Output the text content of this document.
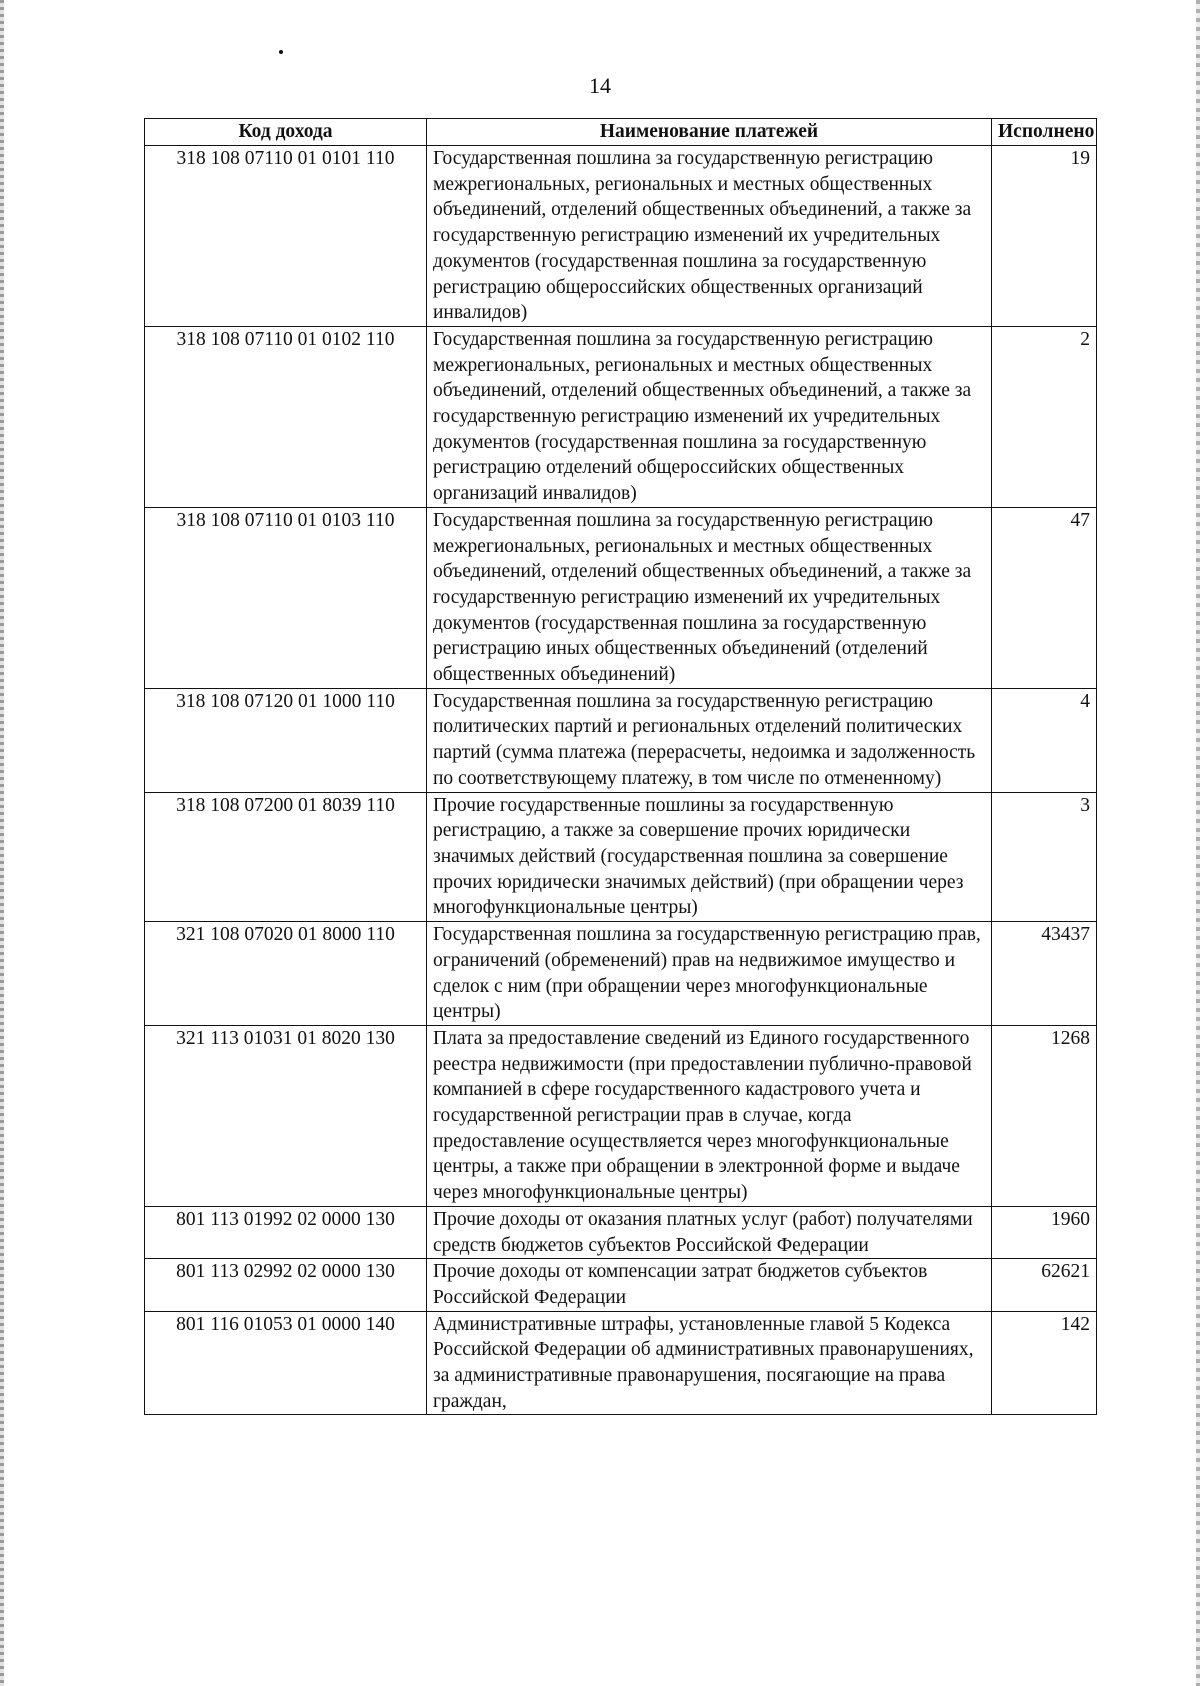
14
Код дохода	Наименование платежей	Исполнено
318 108 07110 01 0101 110	Государственная пошлина за государственную регистрацию межрегиональных, региональных и местных общественных объединений, отделений общественных объединений, а также за государственную регистрацию изменений их учредительных документов (государственная пошлина за государственную регистрацию общероссийских общественных организаций инвалидов)	19
318 108 07110 01 0102 110	Государственная пошлина за государственную регистрацию межрегиональных, региональных и местных общественных объединений, отделений общественных объединений, а также за государственную регистрацию изменений их учредительных документов (государственная пошлина за государственную регистрацию отделений общероссийских общественных организаций инвалидов)	2
318 108 07110 01 0103 110	Государственная пошлина за государственную регистрацию межрегиональных, региональных и местных общественных объединений, отделений общественных объединений, а также за государственную регистрацию изменений их учредительных документов (государственная пошлина за государственную регистрацию иных общественных объединений (отделений общественных объединений)	47
318 108 07120 01 1000 110	Государственная пошлина за государственную регистрацию политических партий и региональных отделений политических партий (сумма платежа (перерасчеты, недоимка и задолженность по соответствующему платежу, в том числе по отмененному)	4
318 108 07200 01 8039 110	Прочие государственные пошлины за государственную регистрацию, а также за совершение прочих юридически значимых действий (государственная пошлина за совершение прочих юридически значимых действий) (при обращении через многофункциональные центры)	3
321 108 07020 01 8000 110	Государственная пошлина за государственную регистрацию прав, ограничений (обременений) прав на недвижимое имущество и сделок с ним (при обращении через многофункциональные центры)	43437
321 113 01031 01 8020 130	Плата за предоставление сведений из Единого государственного реестра недвижимости (при предоставлении публично-правовой компанией в сфере государственного кадастрового учета и государственной регистрации прав в случае, когда предоставление осуществляется через многофункциональные центры, а также при обращении в электронной форме и выдаче через многофункциональные центры)	1268
801 113 01992 02 0000 130	Прочие доходы от оказания платных услуг (работ) получателями средств бюджетов субъектов Российской Федерации	1960
801 113 02992 02 0000 130	Прочие доходы от компенсации затрат бюджетов субъектов Российской Федерации	62621
801 116 01053 01 0000 140	Административные штрафы, установленные главой 5 Кодекса Российской Федерации об административных правонарушениях, за административные правонарушения, посягающие на права граждан,	142
